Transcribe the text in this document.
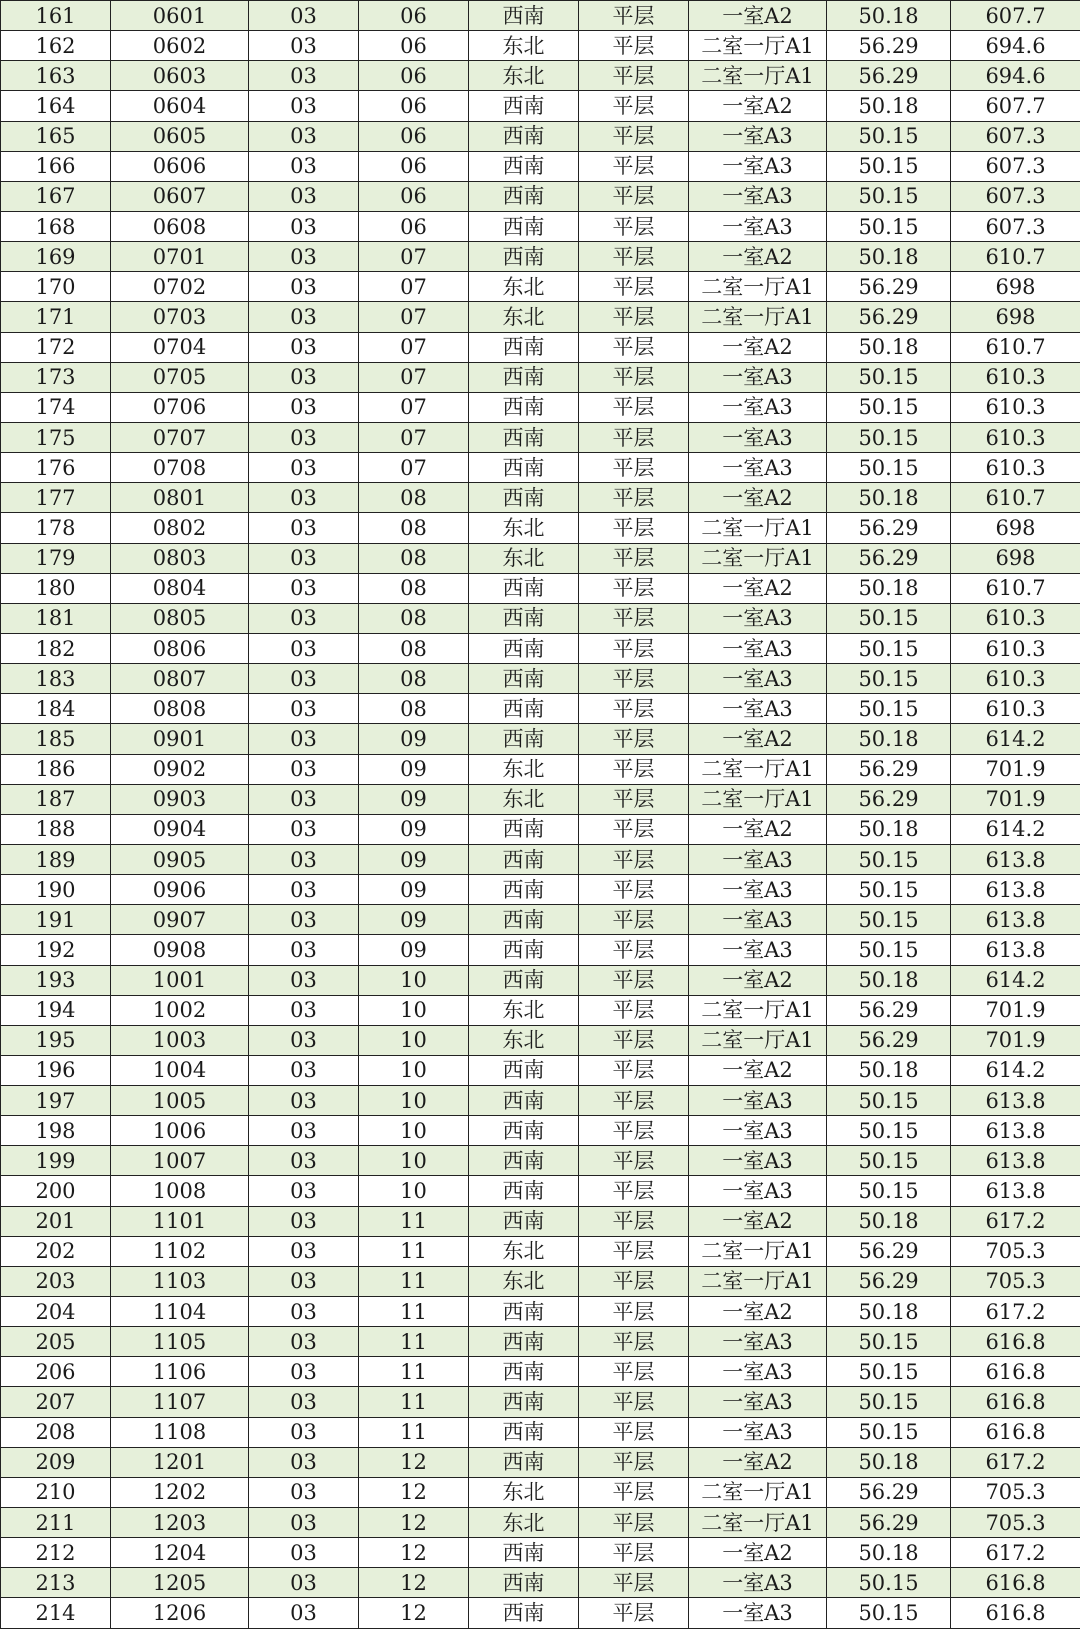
161	0601	03	06	西南	平层	一室A2	50.18	607.7
162	0602	03	06	东北	平层	二室一厅A1	56.29	694.6
163	0603	03	06	东北	平层	二室一厅A1	56.29	694.6
164	0604	03	06	西南	平层	一室A2	50.18	607.7
165	0605	03	06	西南	平层	一室A3	50.15	607.3
166	0606	03	06	西南	平层	一室A3	50.15	607.3
167	0607	03	06	西南	平层	一室A3	50.15	607.3
168	0608	03	06	西南	平层	一室A3	50.15	607.3
169	0701	03	07	西南	平层	一室A2	50.18	610.7
170	0702	03	07	东北	平层	二室一厅A1	56.29	698
171	0703	03	07	东北	平层	二室一厅A1	56.29	698
172	0704	03	07	西南	平层	一室A2	50.18	610.7
173	0705	03	07	西南	平层	一室A3	50.15	610.3
174	0706	03	07	西南	平层	一室A3	50.15	610.3
175	0707	03	07	西南	平层	一室A3	50.15	610.3
176	0708	03	07	西南	平层	一室A3	50.15	610.3
177	0801	03	08	西南	平层	一室A2	50.18	610.7
178	0802	03	08	东北	平层	二室一厅A1	56.29	698
179	0803	03	08	东北	平层	二室一厅A1	56.29	698
180	0804	03	08	西南	平层	一室A2	50.18	610.7
181	0805	03	08	西南	平层	一室A3	50.15	610.3
182	0806	03	08	西南	平层	一室A3	50.15	610.3
183	0807	03	08	西南	平层	一室A3	50.15	610.3
184	0808	03	08	西南	平层	一室A3	50.15	610.3
185	0901	03	09	西南	平层	一室A2	50.18	614.2
186	0902	03	09	东北	平层	二室一厅A1	56.29	701.9
187	0903	03	09	东北	平层	二室一厅A1	56.29	701.9
188	0904	03	09	西南	平层	一室A2	50.18	614.2
189	0905	03	09	西南	平层	一室A3	50.15	613.8
190	0906	03	09	西南	平层	一室A3	50.15	613.8
191	0907	03	09	西南	平层	一室A3	50.15	613.8
192	0908	03	09	西南	平层	一室A3	50.15	613.8
193	1001	03	10	西南	平层	一室A2	50.18	614.2
194	1002	03	10	东北	平层	二室一厅A1	56.29	701.9
195	1003	03	10	东北	平层	二室一厅A1	56.29	701.9
196	1004	03	10	西南	平层	一室A2	50.18	614.2
197	1005	03	10	西南	平层	一室A3	50.15	613.8
198	1006	03	10	西南	平层	一室A3	50.15	613.8
199	1007	03	10	西南	平层	一室A3	50.15	613.8
200	1008	03	10	西南	平层	一室A3	50.15	613.8
201	1101	03	11	西南	平层	一室A2	50.18	617.2
202	1102	03	11	东北	平层	二室一厅A1	56.29	705.3
203	1103	03	11	东北	平层	二室一厅A1	56.29	705.3
204	1104	03	11	西南	平层	一室A2	50.18	617.2
205	1105	03	11	西南	平层	一室A3	50.15	616.8
206	1106	03	11	西南	平层	一室A3	50.15	616.8
207	1107	03	11	西南	平层	一室A3	50.15	616.8
208	1108	03	11	西南	平层	一室A3	50.15	616.8
209	1201	03	12	西南	平层	一室A2	50.18	617.2
210	1202	03	12	东北	平层	二室一厅A1	56.29	705.3
211	1203	03	12	东北	平层	二室一厅A1	56.29	705.3
212	1204	03	12	西南	平层	一室A2	50.18	617.2
213	1205	03	12	西南	平层	一室A3	50.15	616.8
214	1206	03	12	西南	平层	一室A3	50.15	616.8
